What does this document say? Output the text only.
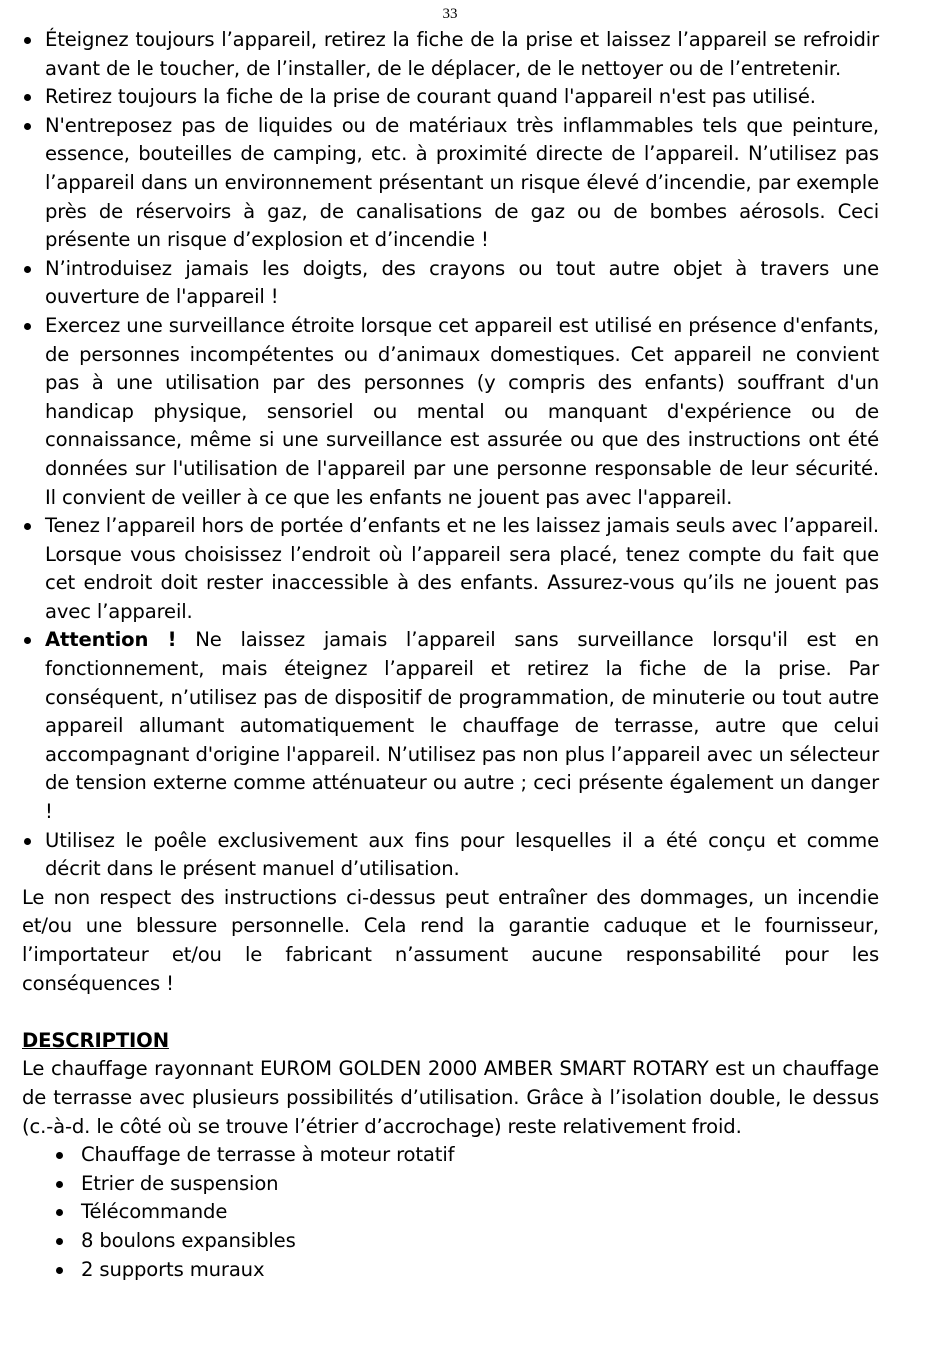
33
Éteignez toujours l’appareil, retirez la fiche de la prise et laissez l’appareil se refroidir avant de le toucher, de l’installer, de le déplacer, de le nettoyer ou de l’entretenir.
Retirez toujours la fiche de la prise de courant quand l'appareil n'est pas utilisé.
N'entreposez pas de liquides ou de matériaux très inflammables tels que peinture, essence, bouteilles de camping, etc. à proximité directe de l’appareil. N’utilisez pas l’appareil dans un environnement présentant un risque élevé d’incendie, par exemple près de réservoirs à gaz, de canalisations de gaz ou de bombes aérosols. Ceci présente un risque d’explosion et d’incendie !
N’introduisez jamais les doigts, des crayons ou tout autre objet à travers une ouverture de l'appareil !
Exercez une surveillance étroite lorsque cet appareil est utilisé en présence d'enfants, de personnes incompétentes ou d’animaux domestiques. Cet appareil ne convient pas à une utilisation par des personnes (y compris des enfants) souffrant d'un handicap physique, sensoriel ou mental ou manquant d'expérience ou de connaissance, même si une surveillance est assurée ou que des instructions ont été données sur l'utilisation de l'appareil par une personne responsable de leur sécurité. Il convient de veiller à ce que les enfants ne jouent pas avec l'appareil.
Tenez l’appareil hors de portée d’enfants et ne les laissez jamais seuls avec l’appareil. Lorsque vous choisissez l’endroit où l’appareil sera placé, tenez compte du fait que cet endroit doit rester inaccessible à des enfants. Assurez-vous qu’ils ne jouent pas avec l’appareil.
Attention ! Ne laissez jamais l’appareil sans surveillance lorsqu'il est en fonctionnement, mais éteignez l’appareil et retirez la fiche de la prise. Par conséquent, n’utilisez pas de dispositif de programmation, de minuterie ou tout autre appareil allumant automatiquement le chauffage de terrasse, autre que celui accompagnant d'origine l'appareil. N’utilisez pas non plus l’appareil avec un sélecteur de tension externe comme atténuateur ou autre ; ceci présente également un danger !
Utilisez le poêle exclusivement aux fins pour lesquelles il a été conçu et comme décrit dans le présent manuel d’utilisation.

Le non respect des instructions ci-dessus peut entraîner des dommages, un incendie et/ou une blessure personnelle. Cela rend la garantie caduque et le fournisseur, l’importateur et/ou le fabricant n’assument aucune responsabilité pour les conséquences !

DESCRIPTION

Le chauffage rayonnant EUROM GOLDEN 2000 AMBER SMART ROTARY est un chauffage de terrasse avec plusieurs possibilités d’utilisation. Grâce à l’isolation double, le dessus (c.-à-d. le côté où se trouve l’étrier d’accrochage) reste relativement froid.

Chauffage de terrasse à moteur rotatif
Etrier de suspension
Télécommande
8 boulons expansibles
2 supports muraux
